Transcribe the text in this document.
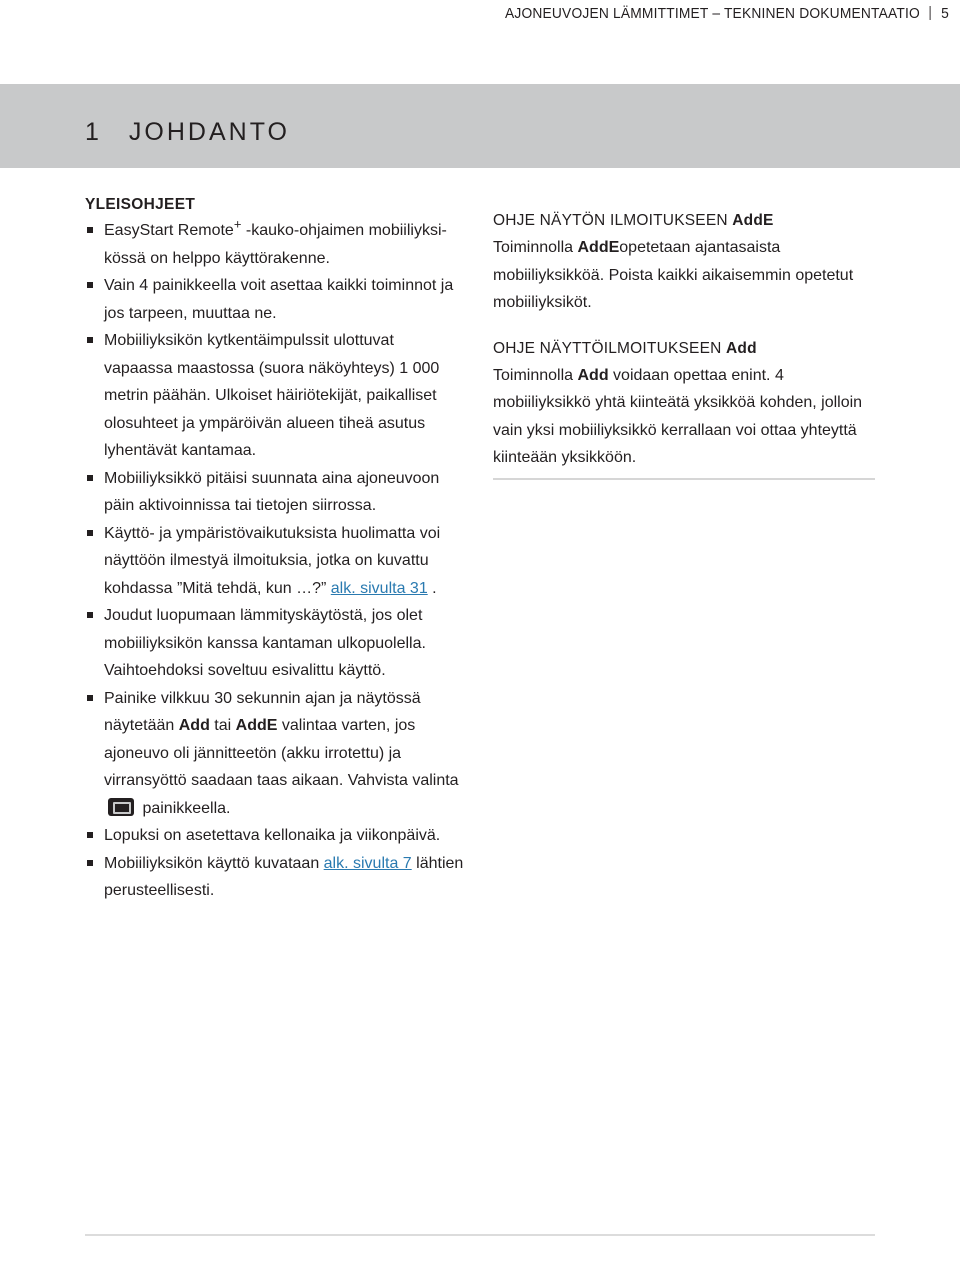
AJONEUVOJEN LÄMMITTIMET – TEKNINEN DOKUMENTAATIO 5
1 JOHDANTO
YLEISOHJEET
EasyStart Remote+ -kauko-ohjaimen mobiiliyksi-
kössä on helppo käyttörakenne.
Vain 4 painikkeella voit asettaa kaikki toiminnot ja jos tarpeen, muuttaa ne.
Mobiiliyksikön kytkentäimpulssit ulottuvat vapaassa maastossa (suora näköyhteys) 1 000 metrin päähän. Ulkoiset häiriötekijät, paikalliset olosuhteet ja ympäröivän alueen tiheä asutus lyhentävät kantamaa.
Mobiiliyksikkö pitäisi suunnata aina ajoneuvoon päin aktivoinnissa tai tietojen siirrossa.
Käyttö- ja ympäristövaikutuksista huolimatta voi näyttöön ilmestyä ilmoituksia, jotka on kuvattu kohdassa ”Mitä tehdä, kun …?” alk. sivulta 31 .
Joudut luopumaan lämmityskäytöstä, jos olet mobiiliyksikön kanssa kantaman ulkopuolella. Vaihtoehdoksi soveltuu esivalittu käyttö.
Painike vilkkuu 30 sekunnin ajan ja näytössä näytetään Add tai AddE valintaa varten, jos ajoneuvo oli jännitteetön (akku irrotettu) ja virransyöttö saadaan taas aikaan. Vahvista valinta  painikkeella.
Lopuksi on asetettava kellonaika ja viikonpäivä.
Mobiiliyksikön käyttö kuvataan alk. sivulta 7 lähtien perusteellisesti.
OHJE NÄYTÖN ILMOITUKSEEN AddE
Toiminnolla AddEopetetaan ajantasaista mobiiliyksikköä. Poista kaikki aikaisemmin opetetut mobiiliyksiköt.
OHJE NÄYTTÖILMOITUKSEEN Add
Toiminnolla Add voidaan opettaa enint. 4 mobiiliyksikkö yhtä kiinteätä yksikköä kohden, jolloin vain yksi mobiiliyksikkö kerrallaan voi ottaa yhteyttä kiinteään yksikköön.
